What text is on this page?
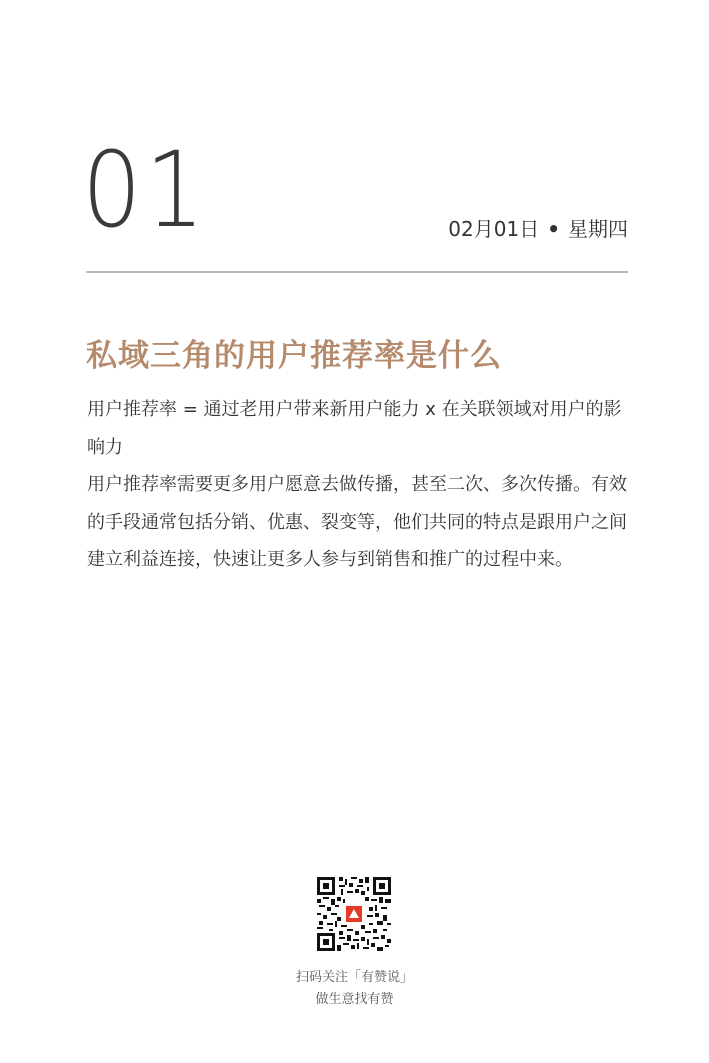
01	02月01日 • 星期四
私域三角的用户推荐率是什么

用户推荐率 = 通过老用户带来新用户能力 x 在关联领域对用户的影响力

用户推荐率需要更多用户愿意去做传播，甚至二次、多次传播。有效的手段通常包括分销、优惠、裂变等，他们共同的特点是跟用户之间建立利益连接，快速让更多人参与到销售和推广的过程中来。

扫码关注「有赞说」
做生意找有赞
